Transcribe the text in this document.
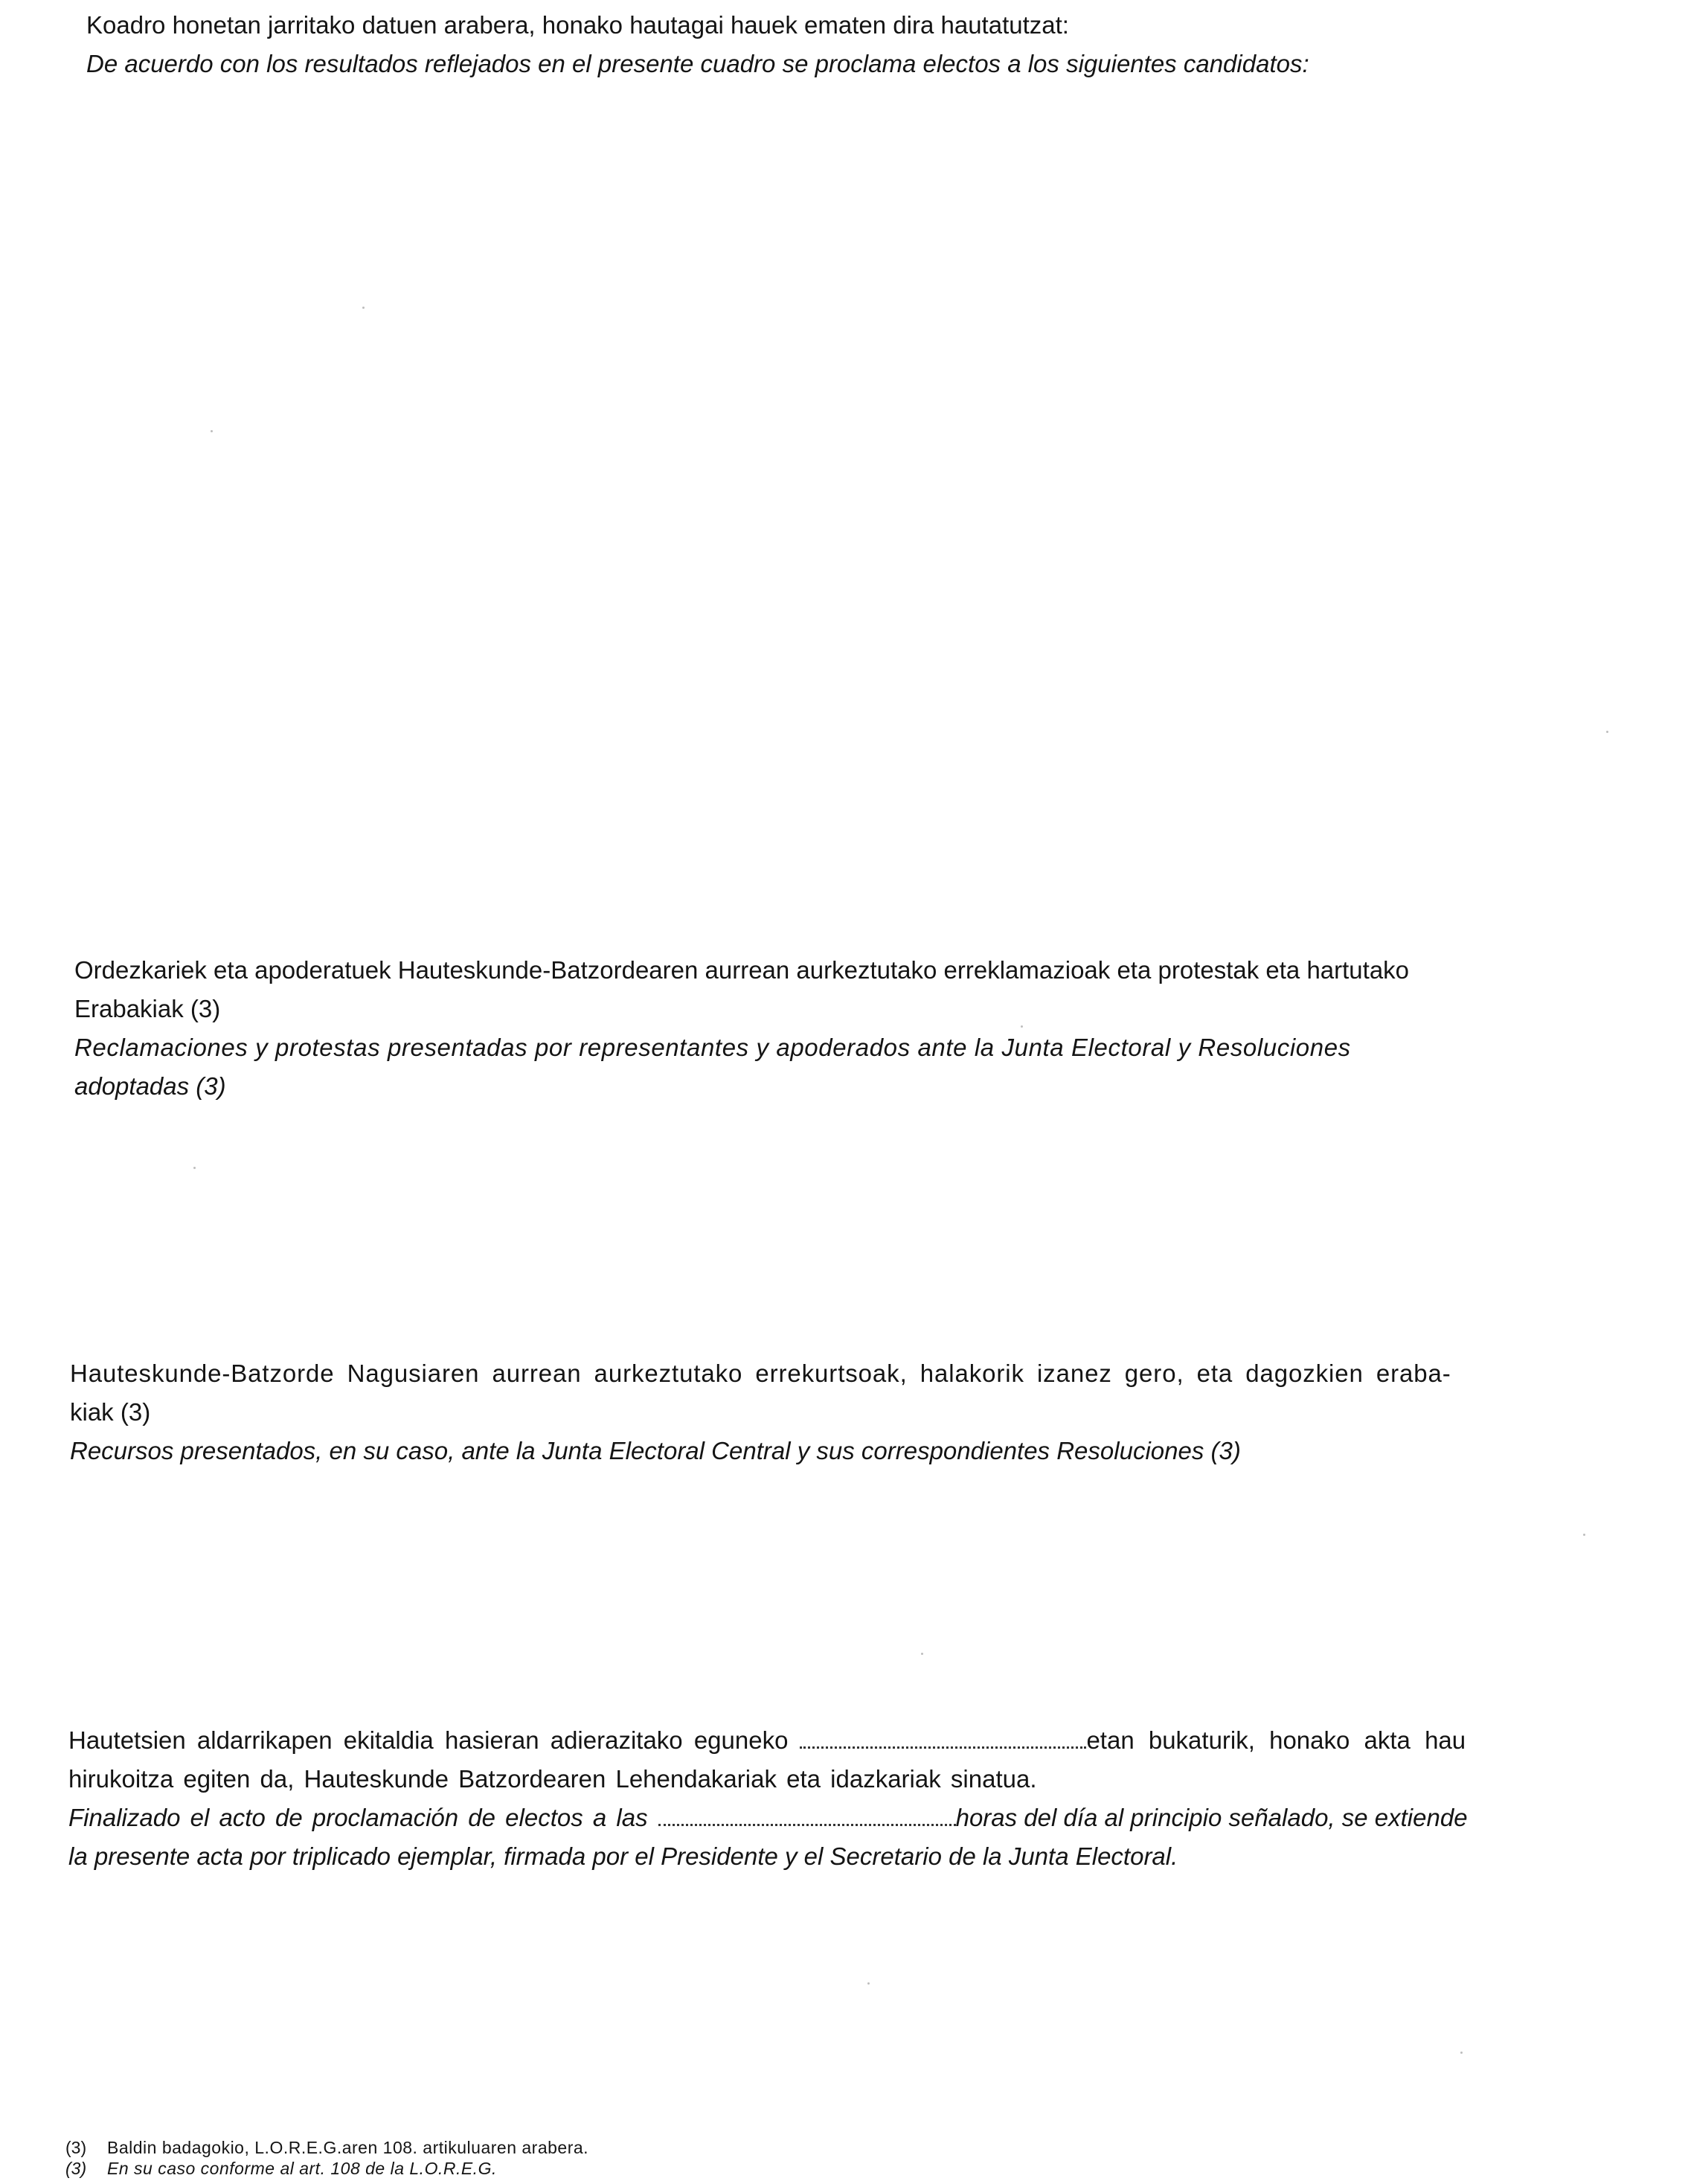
Koadro honetan jarritako datuen arabera, honako hautagai hauek ematen dira hautatutzat:
De acuerdo con los resultados reflejados en el presente cuadro se proclama electos a los siguientes candidatos:
Ordezkariek eta apoderatuek Hauteskunde-Batzordearen aurrean aurkeztutako erreklamazioak eta protestak eta hartutako
Erabakiak (3)
Reclamaciones y protestas presentadas por representantes y apoderados ante la Junta Electoral y Resoluciones
adoptadas (3)
Hauteskunde-Batzorde Nagusiaren aurrean aurkeztutako errekurtsoak, halakorik izanez gero, eta dagozkien eraba-
kiak (3)
Recursos presentados, en su caso, ante la Junta Electoral Central y sus correspondientes Resoluciones (3)
Hautetsien aldarrikapen ekitaldia hasieran adierazitako eguneko	etan bukaturik, honako akta hau
hirukoitza egiten da, Hauteskunde Batzordearen Lehendakariak eta idazkariak sinatua.
Finalizado el acto de proclamación de electos a las	horas del día al principio señalado, se extiende
la presente acta por triplicado ejemplar, firmada por el Presidente y el Secretario de la Junta Electoral.
(3) Baldin badagokio, L.O.R.E.G.aren 108. artikuluaren arabera.
(3) En su caso conforme al art. 108 de la L.O.R.E.G.
